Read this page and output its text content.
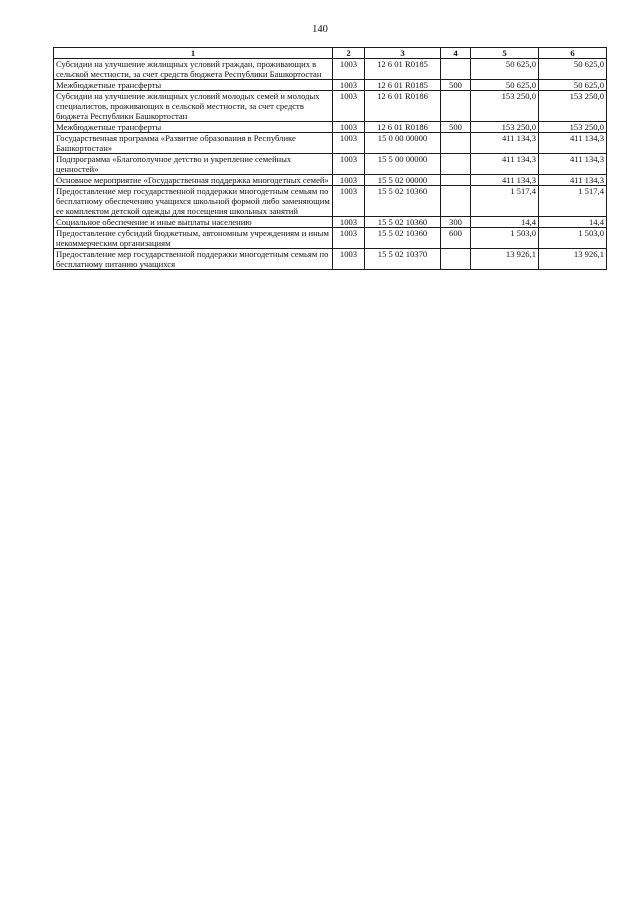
140
1	2	3	4	5	6
Субсидии на улучшение жилищных условий граждан, проживающих в сельской местности, за счет средств бюджета Республики Башкортостан	1003	12 6 01 R0185		50 625,0	50 625,0
Межбюджетные трансферты	1003	12 6 01 R0185	500	50 625,0	50 625,0
Субсидии на улучшение жилищных условий молодых семей и молодых специалистов, проживающих в сельской местности, за счет средств бюджета Республики Башкортостан	1003	12 6 01 R0186		153 250,0	153 250,0
Межбюджетные трансферты	1003	12 6 01 R0186	500	153 250,0	153 250,0
Государственная программа «Развитие образования в Республике Башкортостан»	1003	15 0 00 00000		411 134,3	411 134,3
Подпрограмма «Благополучное детство и укрепление семейных ценностей»	1003	15 5 00 00000		411 134,3	411 134,3
Основное мероприятие «Государственная поддержка многодетных семей»	1003	15 5 02 00000		411 134,3	411 134,3
Предоставление мер государственной поддержки многодетным семьям по бесплатному обеспечению учащихся школьной формой либо заменяющим ее комплектом детской одежды для посещения школьных занятий	1003	15 5 02 10360		1 517,4	1 517,4
Социальное обеспечение и иные выплаты населению	1003	15 5 02 10360	300	14,4	14,4
Предоставление субсидий бюджетным, автономным учреждениям и иным некоммерческим организациям	1003	15 5 02 10360	600	1 503,0	1 503,0
Предоставление мер государственной поддержки многодетным семьям по бесплатному питанию учащихся	1003	15 5 02 10370		13 926,1	13 926,1
